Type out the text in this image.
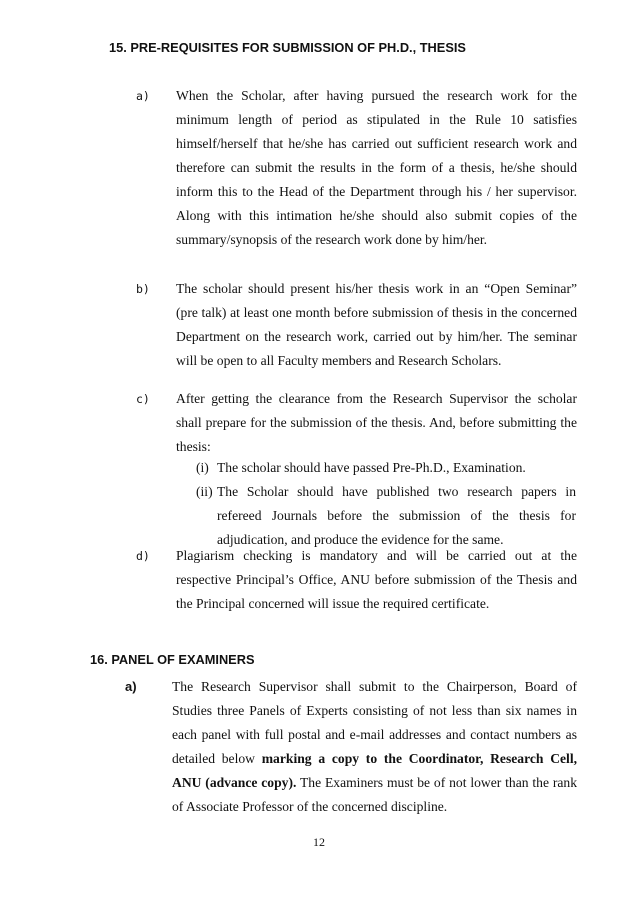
15. PRE-REQUISITES FOR SUBMISSION OF PH.D., THESIS
a) When the Scholar, after having pursued the research work for the minimum length of period as stipulated in the Rule 10 satisfies himself/herself that he/she has carried out sufficient research work and therefore can submit the results in the form of a thesis, he/she should inform this to the Head of the Department through his / her supervisor. Along with this intimation he/she should also submit copies of the summary/synopsis of the research work done by him/her.

b) The scholar should present his/her thesis work in an “Open Seminar” (pre talk) at least one month before submission of thesis in the concerned Department on the research work, carried out by him/her. The seminar will be open to all Faculty members and Research Scholars.

c) After getting the clearance from the Research Supervisor the scholar shall prepare for the submission of the thesis. And, before submitting the thesis:

(i) The scholar should have passed Pre-Ph.D., Examination.
(ii) The Scholar should have published two research papers in refereed Journals before the submission of the thesis for adjudication, and produce the evidence for the same.
d) Plagiarism checking is mandatory and will be carried out at the respective Principal’s Office, ANU before submission of the Thesis and the Principal concerned will issue the required certificate.

16. PANEL OF EXAMINERS
a)	The Research Supervisor shall submit to the Chairperson, Board of Studies three Panels of Experts consisting of not less than six names in each panel with full postal and e-mail addresses and contact numbers as detailed below marking a copy to the Coordinator, Research Cell, ANU (advance copy). The Examiners must be of not lower than the rank of Associate Professor of the concerned discipline.

12
